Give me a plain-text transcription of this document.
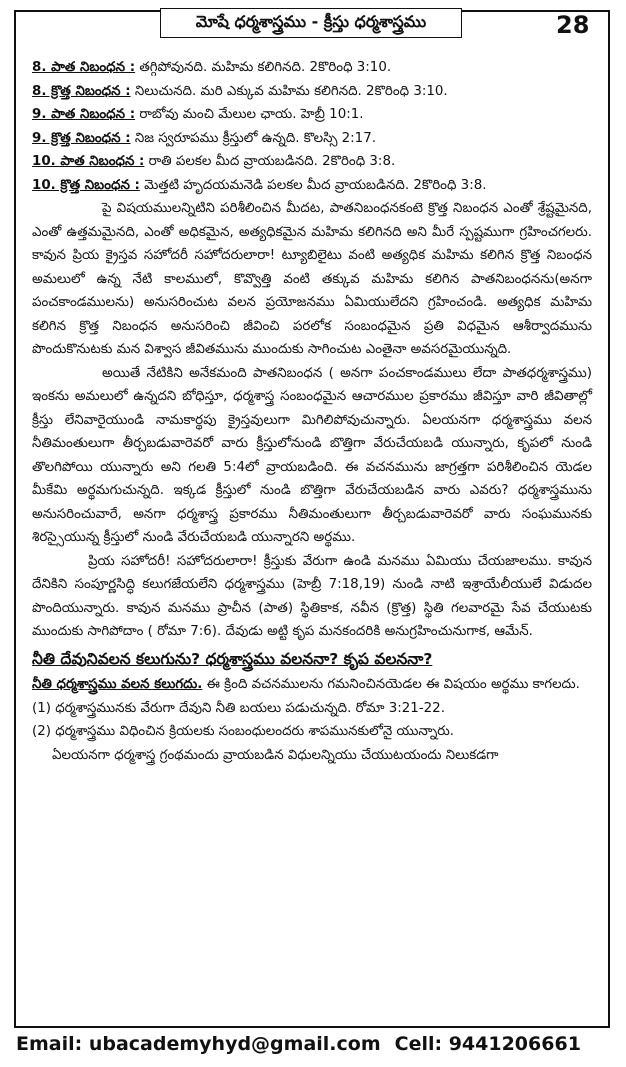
మోషే ధర్మశాస్త్రము - క్రీస్తు ధర్మశాస్త్రము	28
8. పాత నిబంధన : తగ్గిపోవునది. మహిమ కలిగినది. 2కొరింధి 3:10.
8. క్రొత్త నిబంధన : నిలుచునది. మరి ఎక్కువ మహిమ కలిగినది. 2కొరింధి 3:10.
9. పాత నిబంధన : రాబోవు మంచి మేలుల ఛాయ. హెబ్రీ 10:1.
9. క్రొత్త నిబంధన : నిజ స్వరూపము క్రీస్తులో ఉన్నది. కొలస్సి 2:17.
10. పాత నిబంధన : రాతి పలకల మీద వ్రాయబడినది. 2కొరింధి 3:8.
10. క్రొత్త నిబంధన : మెత్తటి హృదయమనెడి పలకల మీద వ్రాయబడినది. 2కొరింధి 3:8.

పై విషయములన్నిటిని పరిశీలించిన మీదట, పాతనిబంధనకంటె క్రొత్త నిబంధన ఎంతో శ్రేష్టమైనది, ఎంతో ఉత్తమమైనది, ఎంతో అధికమైన, అత్యధికమైన మహిమ కలిగినది అని మీరే స్పష్టముగా గ్రహించగలరు. కావున ప్రియ క్రైస్తవ సహోదరీ సహోదరులారా! ట్యూబిలైటు వంటి అత్యధిక మహిమ కలిగిన క్రొత్త నిబంధన అమలులో ఉన్న నేటి కాలములో, కొవ్వొత్తి వంటి తక్కువ మహిమ కలిగిన పాతనిబంధనను(అనగా పంచకాండములను) అనుసరించుట వలన ప్రయోజనము ఏమియులేదని గ్రహించండి. అత్యధిక మహిమ కలిగిన క్రొత్త నిబంధన అనుసరించి జీవించి పరలోక సంబంధమైన ప్రతి విధమైన ఆశీర్వాదమును పొందుకొనుటకు మన విశ్వాస జీవితమును ముందుకు సాగించుట ఎంతైనా అవసరమైయున్నది.

అయితే నేటికిని అనేకమంది పాతనిబంధన ( అనగా పంచకాండములు లేదా పాతధర్మశాస్త్రము) ఇంకను అమలులో ఉన్నదని బోధిస్తూ, ధర్మశాస్త్ర సంబంధమైన ఆచారముల ప్రకారము జీవిస్తూ వారి జీవితాల్లో క్రీస్తు లేనివారైయుండి నామకార్థపు క్రైస్తవులుగా మిగిలిపోవుచున్నారు. ఏలయనగా ధర్మశాస్త్రము వలన నీతిమంతులుగా తీర్చబడువారెవరో వారు క్రీస్తులోనుండి బొత్తిగా వేరుచేయబడి యున్నారు, కృపలో నుండి తొలగిపోయి యున్నారు అని గలతి 5:4లో వ్రాయబడింది. ఈ వచనమును జాగ్రత్తగా పరిశీలించిన యెడల మీకేమి అర్థమగుచున్నది. ఇక్కడ క్రీస్తులో నుండి బొత్తిగా వేరుచేయబడిన వారు ఎవరు? ధర్మశాస్త్రమును అనుసరించువారే, అనగా ధర్మశాస్త్ర ప్రకారము నీతిమంతులుగా తీర్చబడువారెవరో వారు సంఘమునకు శిరస్సైయున్న క్రీస్తులో నుండి వేరుచేయబడి యున్నారని అర్థము.

ప్రియ సహోదరీ! సహోదరులారా! క్రీస్తుకు వేరుగా ఉండి మనము ఏమియు చేయజాలము. కావున దేనికిని సంపూర్ణసిద్ధి కలుగజేయలేని ధర్మశాస్త్రము (హెబ్రీ 7:18,19) నుండి నాటి ఇశ్రాయేలీయులే విడుదల పొందియున్నారు. కావున మనము ప్రాచీన (పాత) స్థితికాక, నవీన (క్రొత్త) స్థితి గలవారమై సేవ చేయుటకు ముందుకు సాగిపోదాం ( రోమా 7:6). దేవుడు అట్టి కృప మనకందరికి అనుగ్రహించునుగాక, ఆమేన్.

నీతి దేవునివలన కలుగును? ధర్మశాస్త్రము వలననా? కృప వలననా?

నీతి ధర్మశాస్త్రము వలన కలుగదు. ఈ క్రింది వచనములను గమనించినయెడల ఈ విషయం అర్థము కాగలదు.

(1) ధర్మశాస్త్రమునకు వేరుగా దేవుని నీతి బయలు పడుచున్నది. రోమా 3:21-22.
(2) ధర్మశాస్త్రము విధించిన క్రియలకు సంబంధులందరు శాపమునకులోనై యున్నారు.
ఏలయనగా ధర్మశాస్త్ర గ్రంథమందు వ్రాయబడిన విధులన్నియు చేయుటయందు నిలుకడగా
Email: ubacademyhyd@gmail.com Cell: 9441206661
